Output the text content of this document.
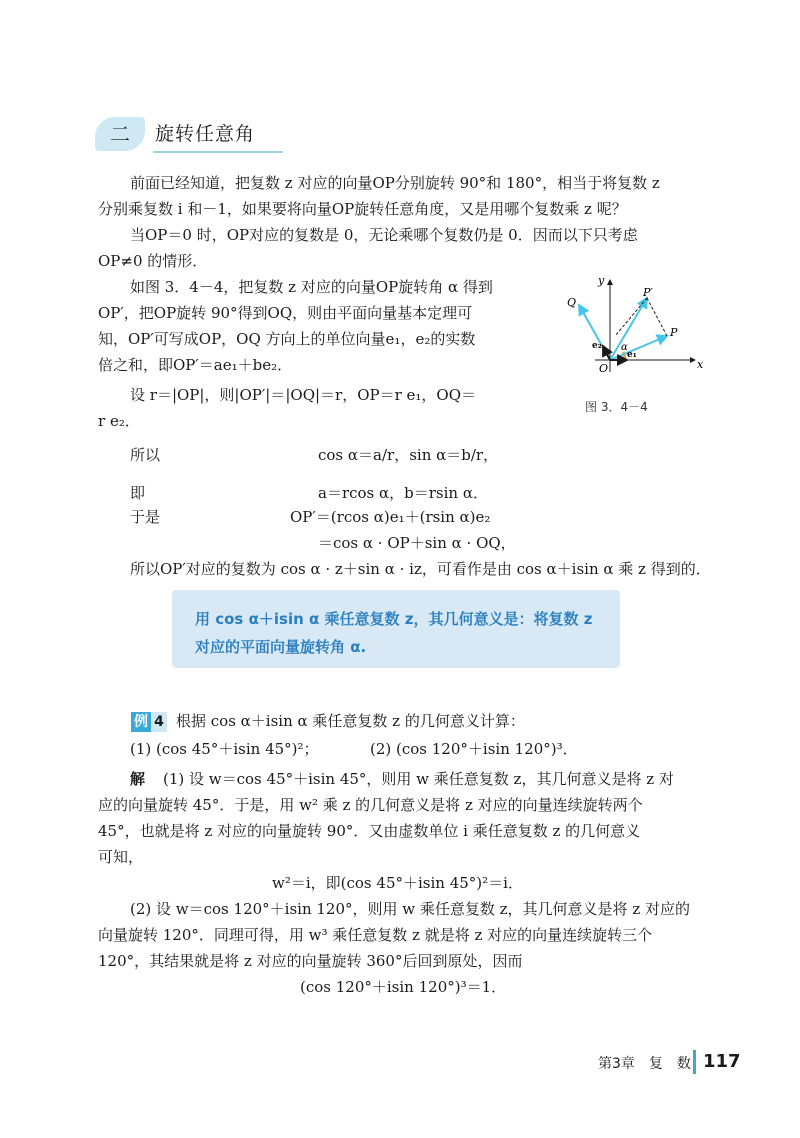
二	旋转任意角
前面已经知道，把复数 z 对应的向量OP分别旋转 90°和 180°，相当于将复数 z
分别乘复数 i 和－1，如果要将向量OP旋转任意角度，又是用哪个复数乘 z 呢？
当OP＝0 时，OP对应的复数是 0，无论乘哪个复数仍是 0．因而以下只考虑
OP≠0 的情形．
如图 3．4－4，把复数 z 对应的向量OP旋转角 α 得到
OP′，把OP旋转 90°得到OQ，则由平面向量基本定理可
知，OP′可写成OP，OQ 方向上的单位向量e₁，e₂的实数
倍之和，即OP′＝ae₁＋be₂．
设 r＝|OP|，则|OP′|＝|OQ|＝r，OP＝r e₁，OQ＝
r e₂．
x
y
O
P
P′
Q
α
e₁
e₂
图 3．4－4
所以	cos α＝a/r，sin α＝b/r，
即	a＝rcos α，b＝rsin α．
于是	OP′＝(rcos α)e₁＋(rsin α)e₂
＝cos α · OP＋sin α · OQ，
所以OP′对应的复数为 cos α · z＋sin α · iz，可看作是由 cos α＋isin α 乘 z 得到的．
用 cos α＋isin α 乘任意复数 z，其几何意义是：将复数 z 对应的平面向量旋转角 α.
例 4 根据 cos α＋isin α 乘任意复数 z 的几何意义计算：
(1) (cos 45°＋isin 45°)²；	(2) (cos 120°＋isin 120°)³．
解 (1) 设 w＝cos 45°＋isin 45°，则用 w 乘任意复数 z，其几何意义是将 z 对
应的向量旋转 45°．于是，用 w² 乘 z 的几何意义是将 z 对应的向量连续旋转两个
45°，也就是将 z 对应的向量旋转 90°．又由虚数单位 i 乘任意复数 z 的几何意义
可知，
w²＝i，即(cos 45°＋isin 45°)²＝i．
(2) 设 w＝cos 120°＋isin 120°，则用 w 乘任意复数 z，其几何意义是将 z 对应的
向量旋转 120°．同理可得，用 w³ 乘任意复数 z 就是将 z 对应的向量连续旋转三个
120°，其结果就是将 z 对应的向量旋转 360°后回到原处，因而
(cos 120°＋isin 120°)³＝1．
第3章　复　数 117
